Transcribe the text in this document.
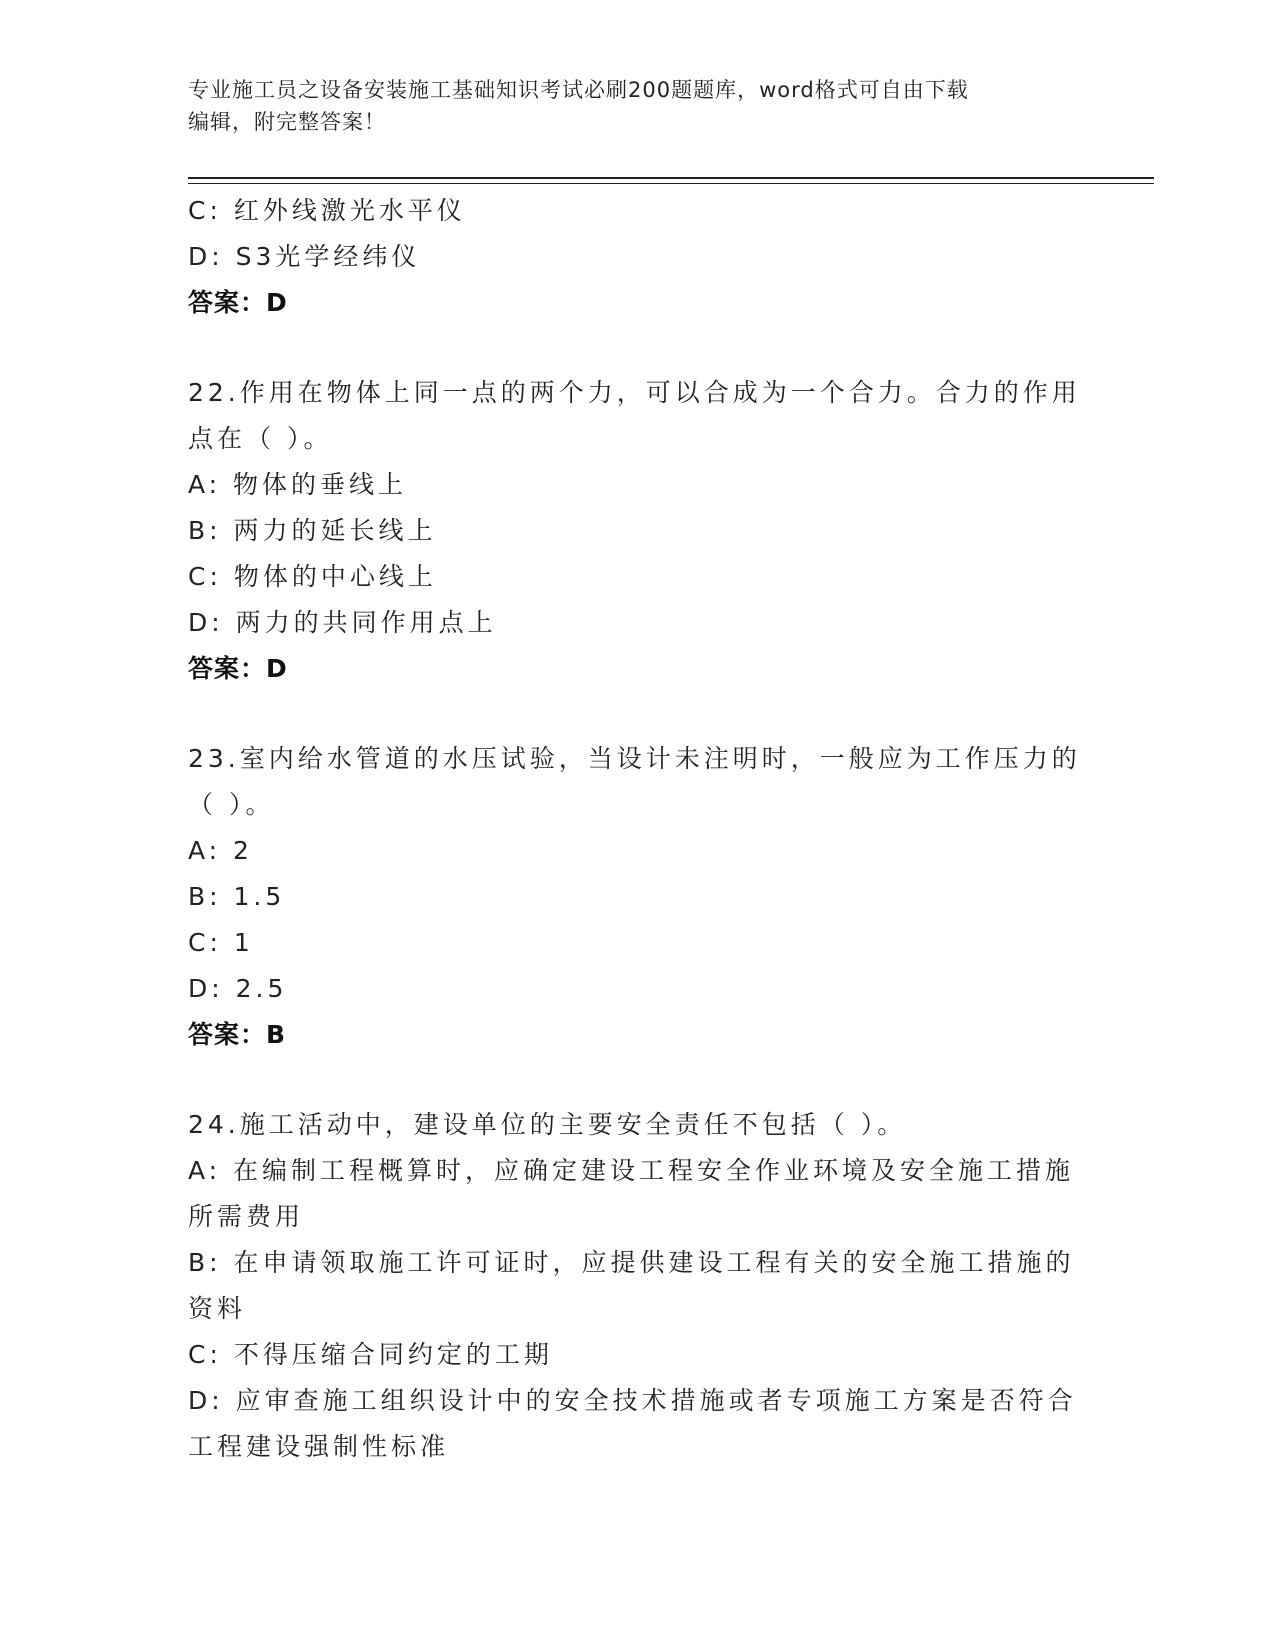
专业施工员之设备安装施工基础知识考试必刷200题题库，word格式可自由下载
编辑，附完整答案！
C: 红外线激光水平仪
D: S3光学经纬仪
答案：D
22.作用在物体上同一点的两个力，可以合成为一个合力。合力的作用
点在（ ）。
A: 物体的垂线上
B: 两力的延长线上
C: 物体的中心线上
D: 两力的共同作用点上
答案：D
23.室内给水管道的水压试验，当设计未注明时，一般应为工作压力的
（ ）。
A: 2
B: 1.5
C: 1
D: 2.5
答案：B
24.施工活动中，建设单位的主要安全责任不包括（ ）。
A: 在编制工程概算时，应确定建设工程安全作业环境及安全施工措施
所需费用
B: 在申请领取施工许可证时，应提供建设工程有关的安全施工措施的
资料
C: 不得压缩合同约定的工期
D: 应审查施工组织设计中的安全技术措施或者专项施工方案是否符合
工程建设强制性标准
